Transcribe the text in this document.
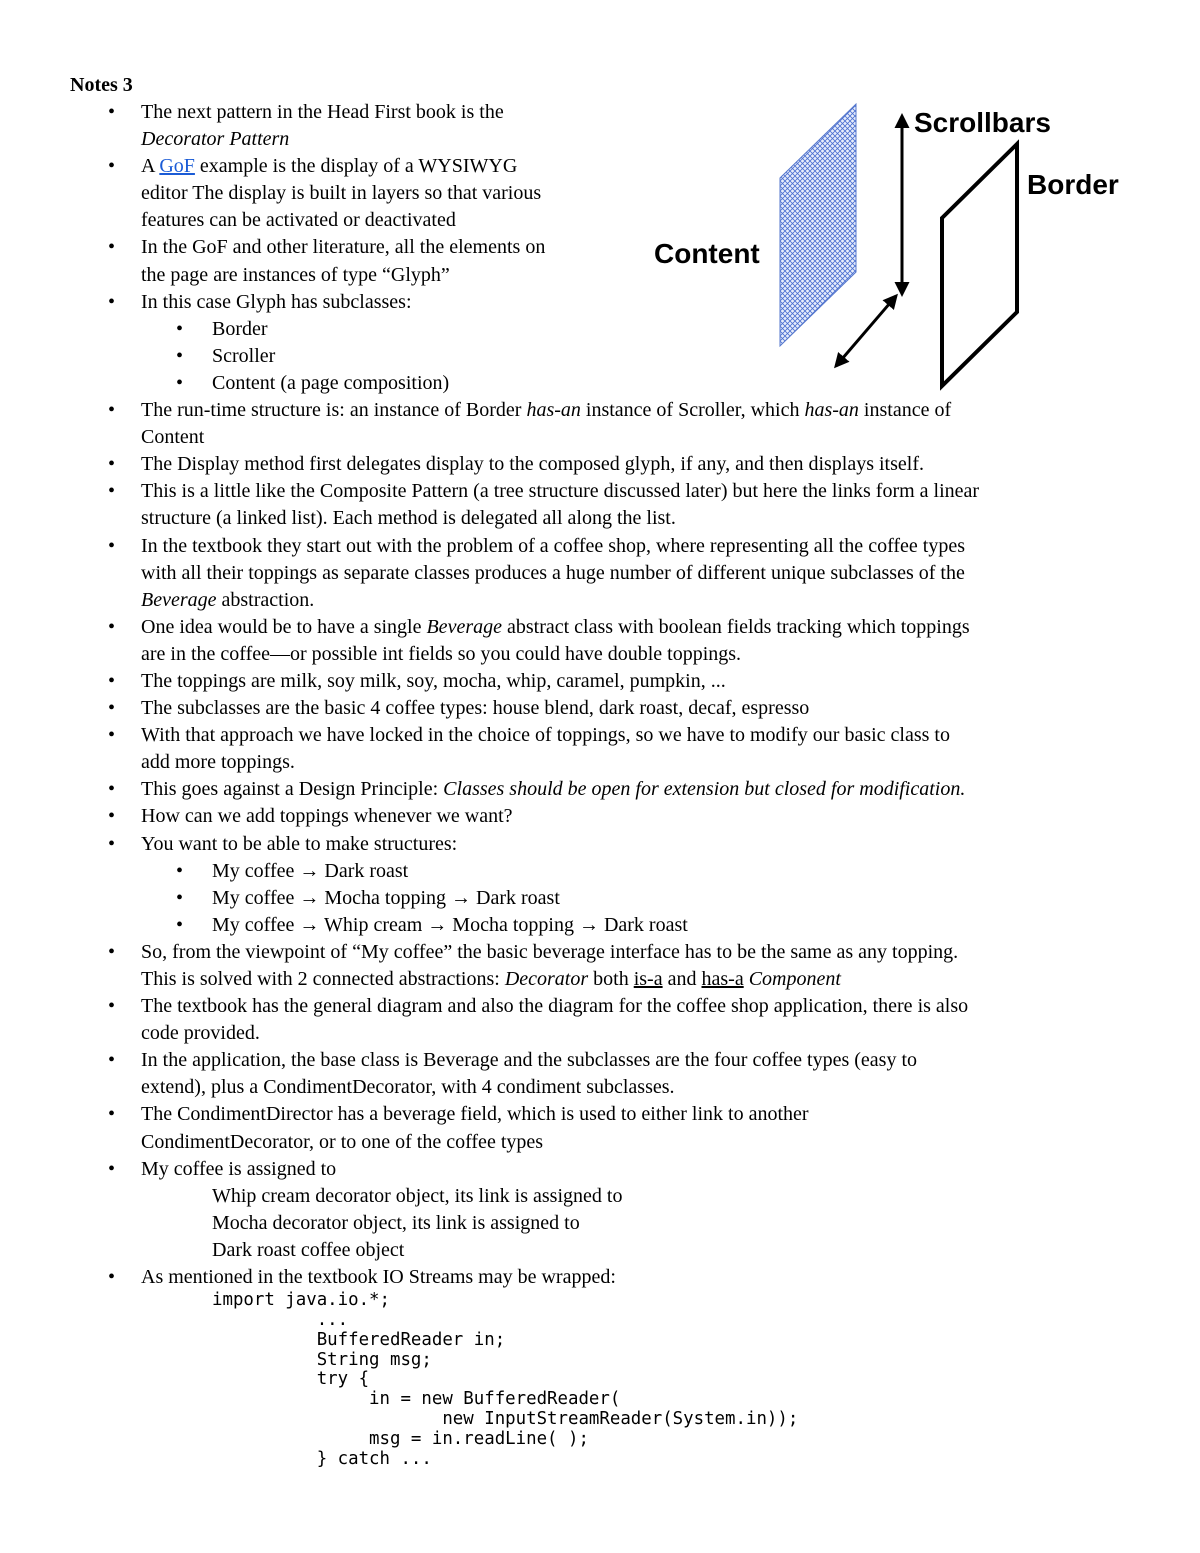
Notes 3
Scrollbars
Border
Content
• The next pattern in the Head First book is the
Decorator Pattern
• A GoF example is the display of a WYSIWYG
editor The display is built in layers so that various
features can be activated or deactivated
• In the GoF and other literature, all the elements on
the page are instances of type “Glyph”
• In this case Glyph has subclasses:
• Border
• Scroller
• Content (a page composition)
• The run-time structure is: an instance of Border has-an instance of Scroller, which has-an instance of
Content
• The Display method first delegates display to the composed glyph, if any, and then displays itself.
• This is a little like the Composite Pattern (a tree structure discussed later) but here the links form a linear
structure (a linked list). Each method is delegated all along the list.
• In the textbook they start out with the problem of a coffee shop, where representing all the coffee types
with all their toppings as separate classes produces a huge number of different unique subclasses of the
Beverage abstraction.
• One idea would be to have a single Beverage abstract class with boolean fields tracking which toppings
are in the coffee—or possible int fields so you could have double toppings.
• The toppings are milk, soy milk, soy, mocha, whip, caramel, pumpkin, ...
• The subclasses are the basic 4 coffee types: house blend, dark roast, decaf, espresso
• With that approach we have locked in the choice of toppings, so we have to modify our basic class to
add more toppings.
• This goes against a Design Principle: Classes should be open for extension but closed for modification.
• How can we add toppings whenever we want?
• You want to be able to make structures:
• My coffee → Dark roast
• My coffee → Mocha topping → Dark roast
• My coffee → Whip cream → Mocha topping → Dark roast
• So, from the viewpoint of “My coffee” the basic beverage interface has to be the same as any topping.
This is solved with 2 connected abstractions: Decorator both is-a and has-a Component
• The textbook has the general diagram and also the diagram for the coffee shop application, there is also
code provided.
• In the application, the base class is Beverage and the subclasses are the four coffee types (easy to
extend), plus a CondimentDecorator, with 4 condiment subclasses.
• The CondimentDirector has a beverage field, which is used to either link to another
CondimentDecorator, or to one of the coffee types
• My coffee is assigned to
Whip cream decorator object, its link is assigned to
Mocha decorator object, its link is assigned to
Dark roast coffee object
• As mentioned in the textbook IO Streams may be wrapped:
import java.io.*;
...
BufferedReader in;
String msg;
try {
in = new BufferedReader(
new InputStreamReader(System.in));
msg = in.readLine( );
} catch ...
